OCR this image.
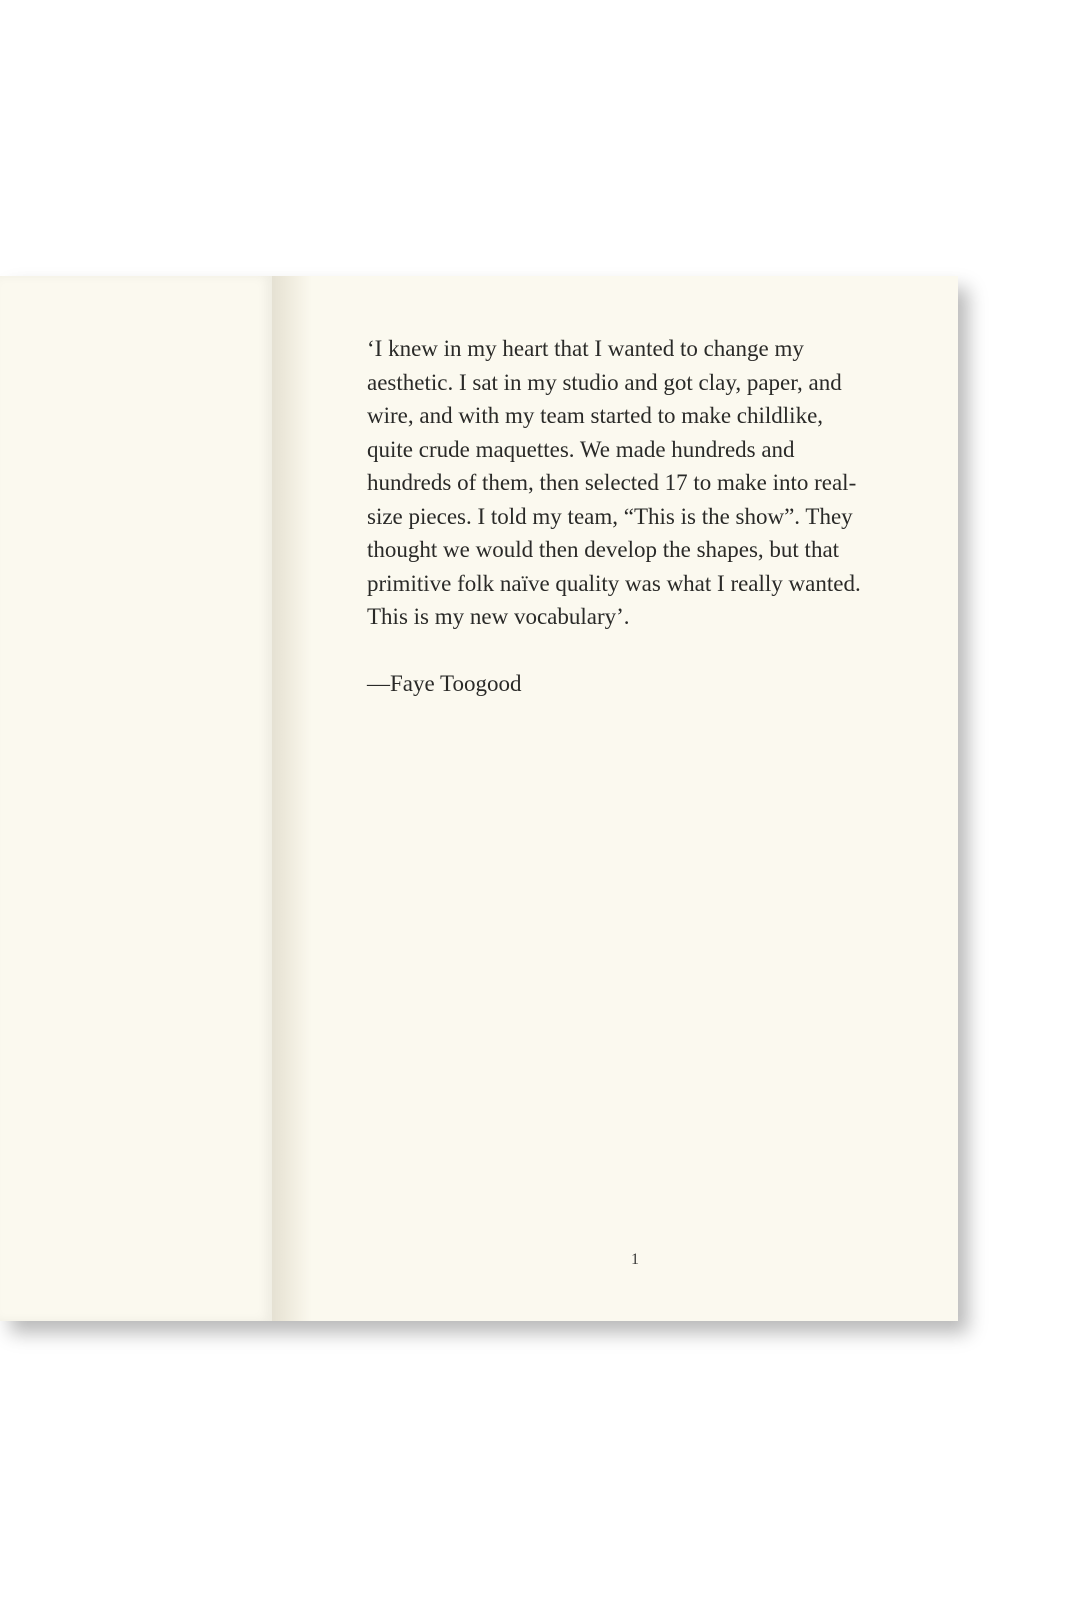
‘I knew in my heart that I wanted to change my
aesthetic. I sat in my studio and got clay, paper, and
wire, and with my team started to make childlike,
quite crude maquettes. We made hundreds and
hundreds of them, then selected 17 to make into real-
size pieces. I told my team, “This is the show”. They
thought we would then develop the shapes, but that
primitive folk naïve quality was what I really wanted.
This is my new vocabulary’.

—Faye Toogood

1
